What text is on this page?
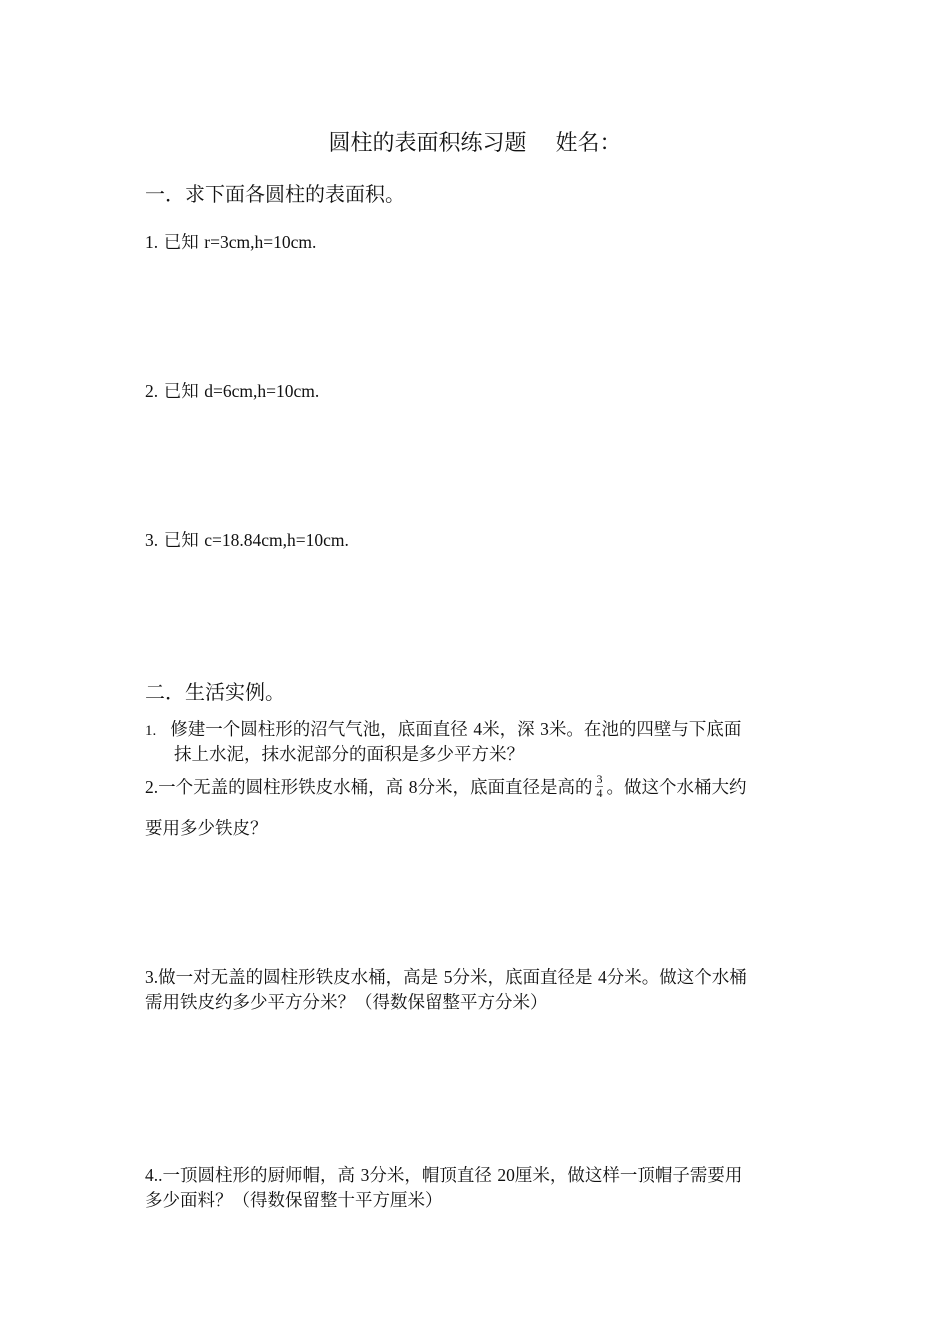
圆柱的表面积练习题　 姓名：
一．求下面各圆柱的表面积。
1. 已知 r=3cm,h=10cm.
2. 已知 d=6cm,h=10cm.
3. 已知 c=18.84cm,h=10cm.
二．生活实例。
1. 修建一个圆柱形的沼气气池，底面直径 4米，深 3米。在池的四壁与下底面
抹上水泥，抹水泥部分的面积是多少平方米？
2.一个无盖的圆柱形铁皮水桶，高 8分米，底面直径是高的 $\frac{3}{4}$ 。做这个水桶大约
要用多少铁皮？
3.做一对无盖的圆柱形铁皮水桶，高是 5分米，底面直径是 4分米。做这个水桶
需用铁皮约多少平方分米？（得数保留整平方分米）
4..一顶圆柱形的厨师帽，高 3分米，帽顶直径 20厘米，做这样一顶帽子需要用
多少面料？（得数保留整十平方厘米）
